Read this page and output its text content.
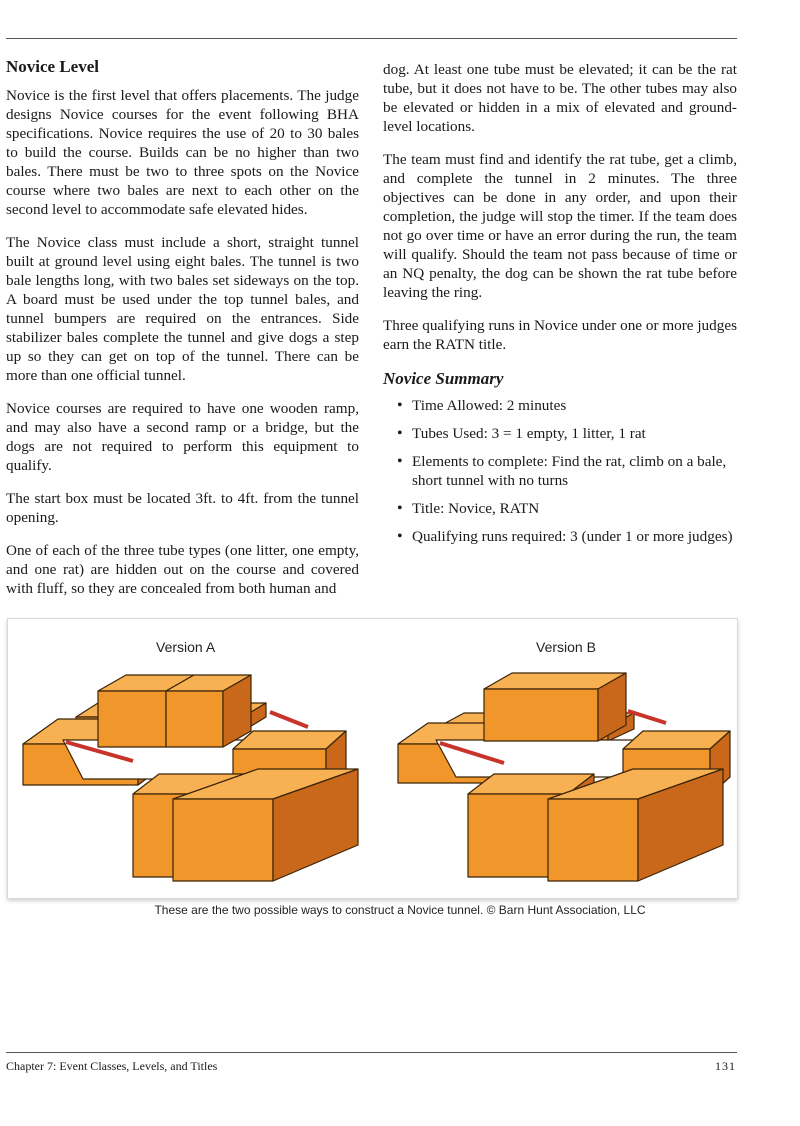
Novice Level

Novice is the first level that offers placements. The judge designs Novice courses for the event following BHA specifications. Novice requires the use of 20 to 30 bales to build the course. Builds can be no higher than two bales. There must be two to three spots on the Novice course where two bales are next to each other on the second level to accommodate safe elevated hides.

The Novice class must include a short, straight tunnel built at ground level using eight bales. The tunnel is two bale lengths long, with two bales set sideways on the top. A board must be used under the top tunnel bales, and tunnel bumpers are required on the entrances. Side stabilizer bales complete the tunnel and give dogs a step up so they can get on top of the tunnel. There can be more than one official tunnel.

Novice courses are required to have one wooden ramp, and may also have a second ramp or a bridge, but the dogs are not required to perform this equipment to qualify.

The start box must be located 3ft. to 4ft. from the tunnel opening.

One of each of the three tube types (one litter, one empty, and one rat) are hidden out on the course and covered with fluff, so they are concealed from both human and

dog. At least one tube must be elevated; it can be the rat tube, but it does not have to be. The other tubes may also be elevated or hidden in a mix of elevated and ground-level locations.

The team must find and identify the rat tube, get a climb, and complete the tunnel in 2 minutes. The three objectives can be done in any order, and upon their completion, the judge will stop the timer. If the team does not go over time or have an error during the run, the team will qualify. Should the team not pass because of time or an NQ penalty, the dog can be shown the rat tube before leaving the ring.

Three qualifying runs in Novice under one or more judges earn the RATN title.

Novice Summary
• Time Allowed: 2 minutes
• Tubes Used: 3 = 1 empty, 1 litter, 1 rat
• Elements to complete: Find the rat, climb on a bale, short tunnel with no turns
• Title: Novice, RATN
• Qualifying runs required: 3 (under 1 or more judges)
Version A	Version B
These are the two possible ways to construct a Novice tunnel. © Barn Hunt Association, LLC
Chapter 7: Event Classes, Levels, and Titles	131
